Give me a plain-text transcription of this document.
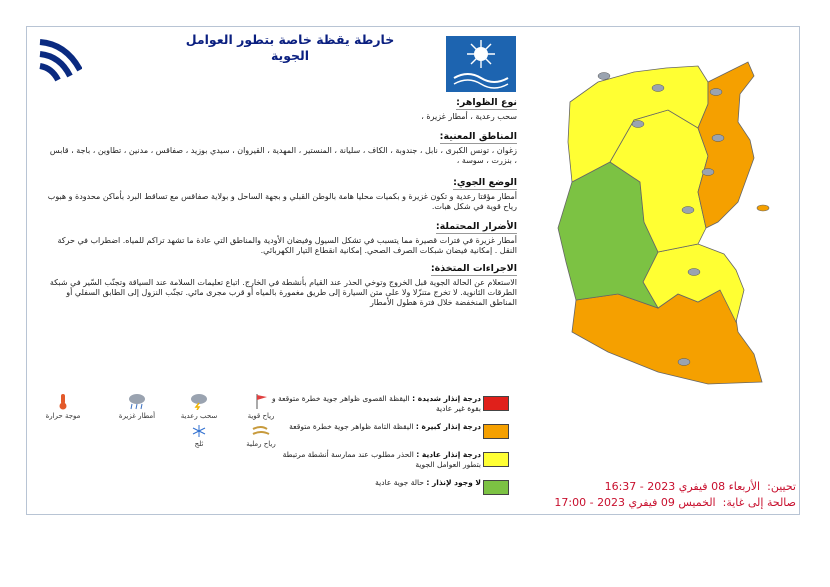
خارطة يقظة خاصة بتطور العوامل
الجوية
نوع الظواهر:
سحب رعدية ، أمطار غزيرة ،
المناطق المعنية:
زغوان ، تونس الكبرى ، نابل ، جندوبة ، الكاف ، سليانة ، المنستير ، المهدية ، القيروان ، سيدي بوزيد ، صفاقس ، مدنين ، تطاوين ، باجة ، قابس ، بنزرت ، سوسة ،
الوضع الجوي:
أمطار مؤقتا رعدية و تكون غزيرة و بكميات محليا هامة بالوطن القبلي و بجهة الساحل و بولاية صفاقس مع تساقط البرد بأماكن محدودة و هبوب رياح قوية في شكل هبات.
الأضرار المحتملة:
أمطار غزيرة في فترات قصيرة مما يتسبب في تشكل السيول وفيضان الأودية والمناطق التي عادة ما تشهد تراكم للمياه. اضطراب في حركة النقل . إمكانية فيضان شبكات الصرف الصحي. إمكانية انقطاع التيار الكهربائي.
الاجراءات المتخذة:
الاستعلام عن الحالة الجوية قبل الخروج وتوخي الحذر عند القيام بأنشطة في الخارج. اتباع تعليمات السلامة عند السياقة وتجنّب السّير في شبكة الطرقات الثانوية. لا تخرج متنزّلا ولا على متن السيارة إلى طريق مغمورة بالمياه أو قرب مجرى مائي. تجنّب النزول إلى الطابق السفلي أو المناطق المنخفضة خلال فترة هطول الأمطار
موجة حرارة	أمطار غزيرة	سحب رعدية	رياح قوية
ثلج	رياح رملية
درجة إنذار شديدة : اليقظة القصوى ظواهر جوية خطرة متوقعة و بقوة غير عادية
درجة إنذار كبيرة : اليقظة التامة ظواهر جوية خطرة متوقعة
درجة إنذار عادية : الحذر مطلوب عند ممارسة أنشطة مرتبطة بتطور العوامل الجوية
لا وجود لإنذار : حالة جوية عادية	تحيين:  الأربعاء 08 فيفري 2023 - 16:37
صالحة إلى غاية:  الخميس 09 فيفري 2023 - 17:00
